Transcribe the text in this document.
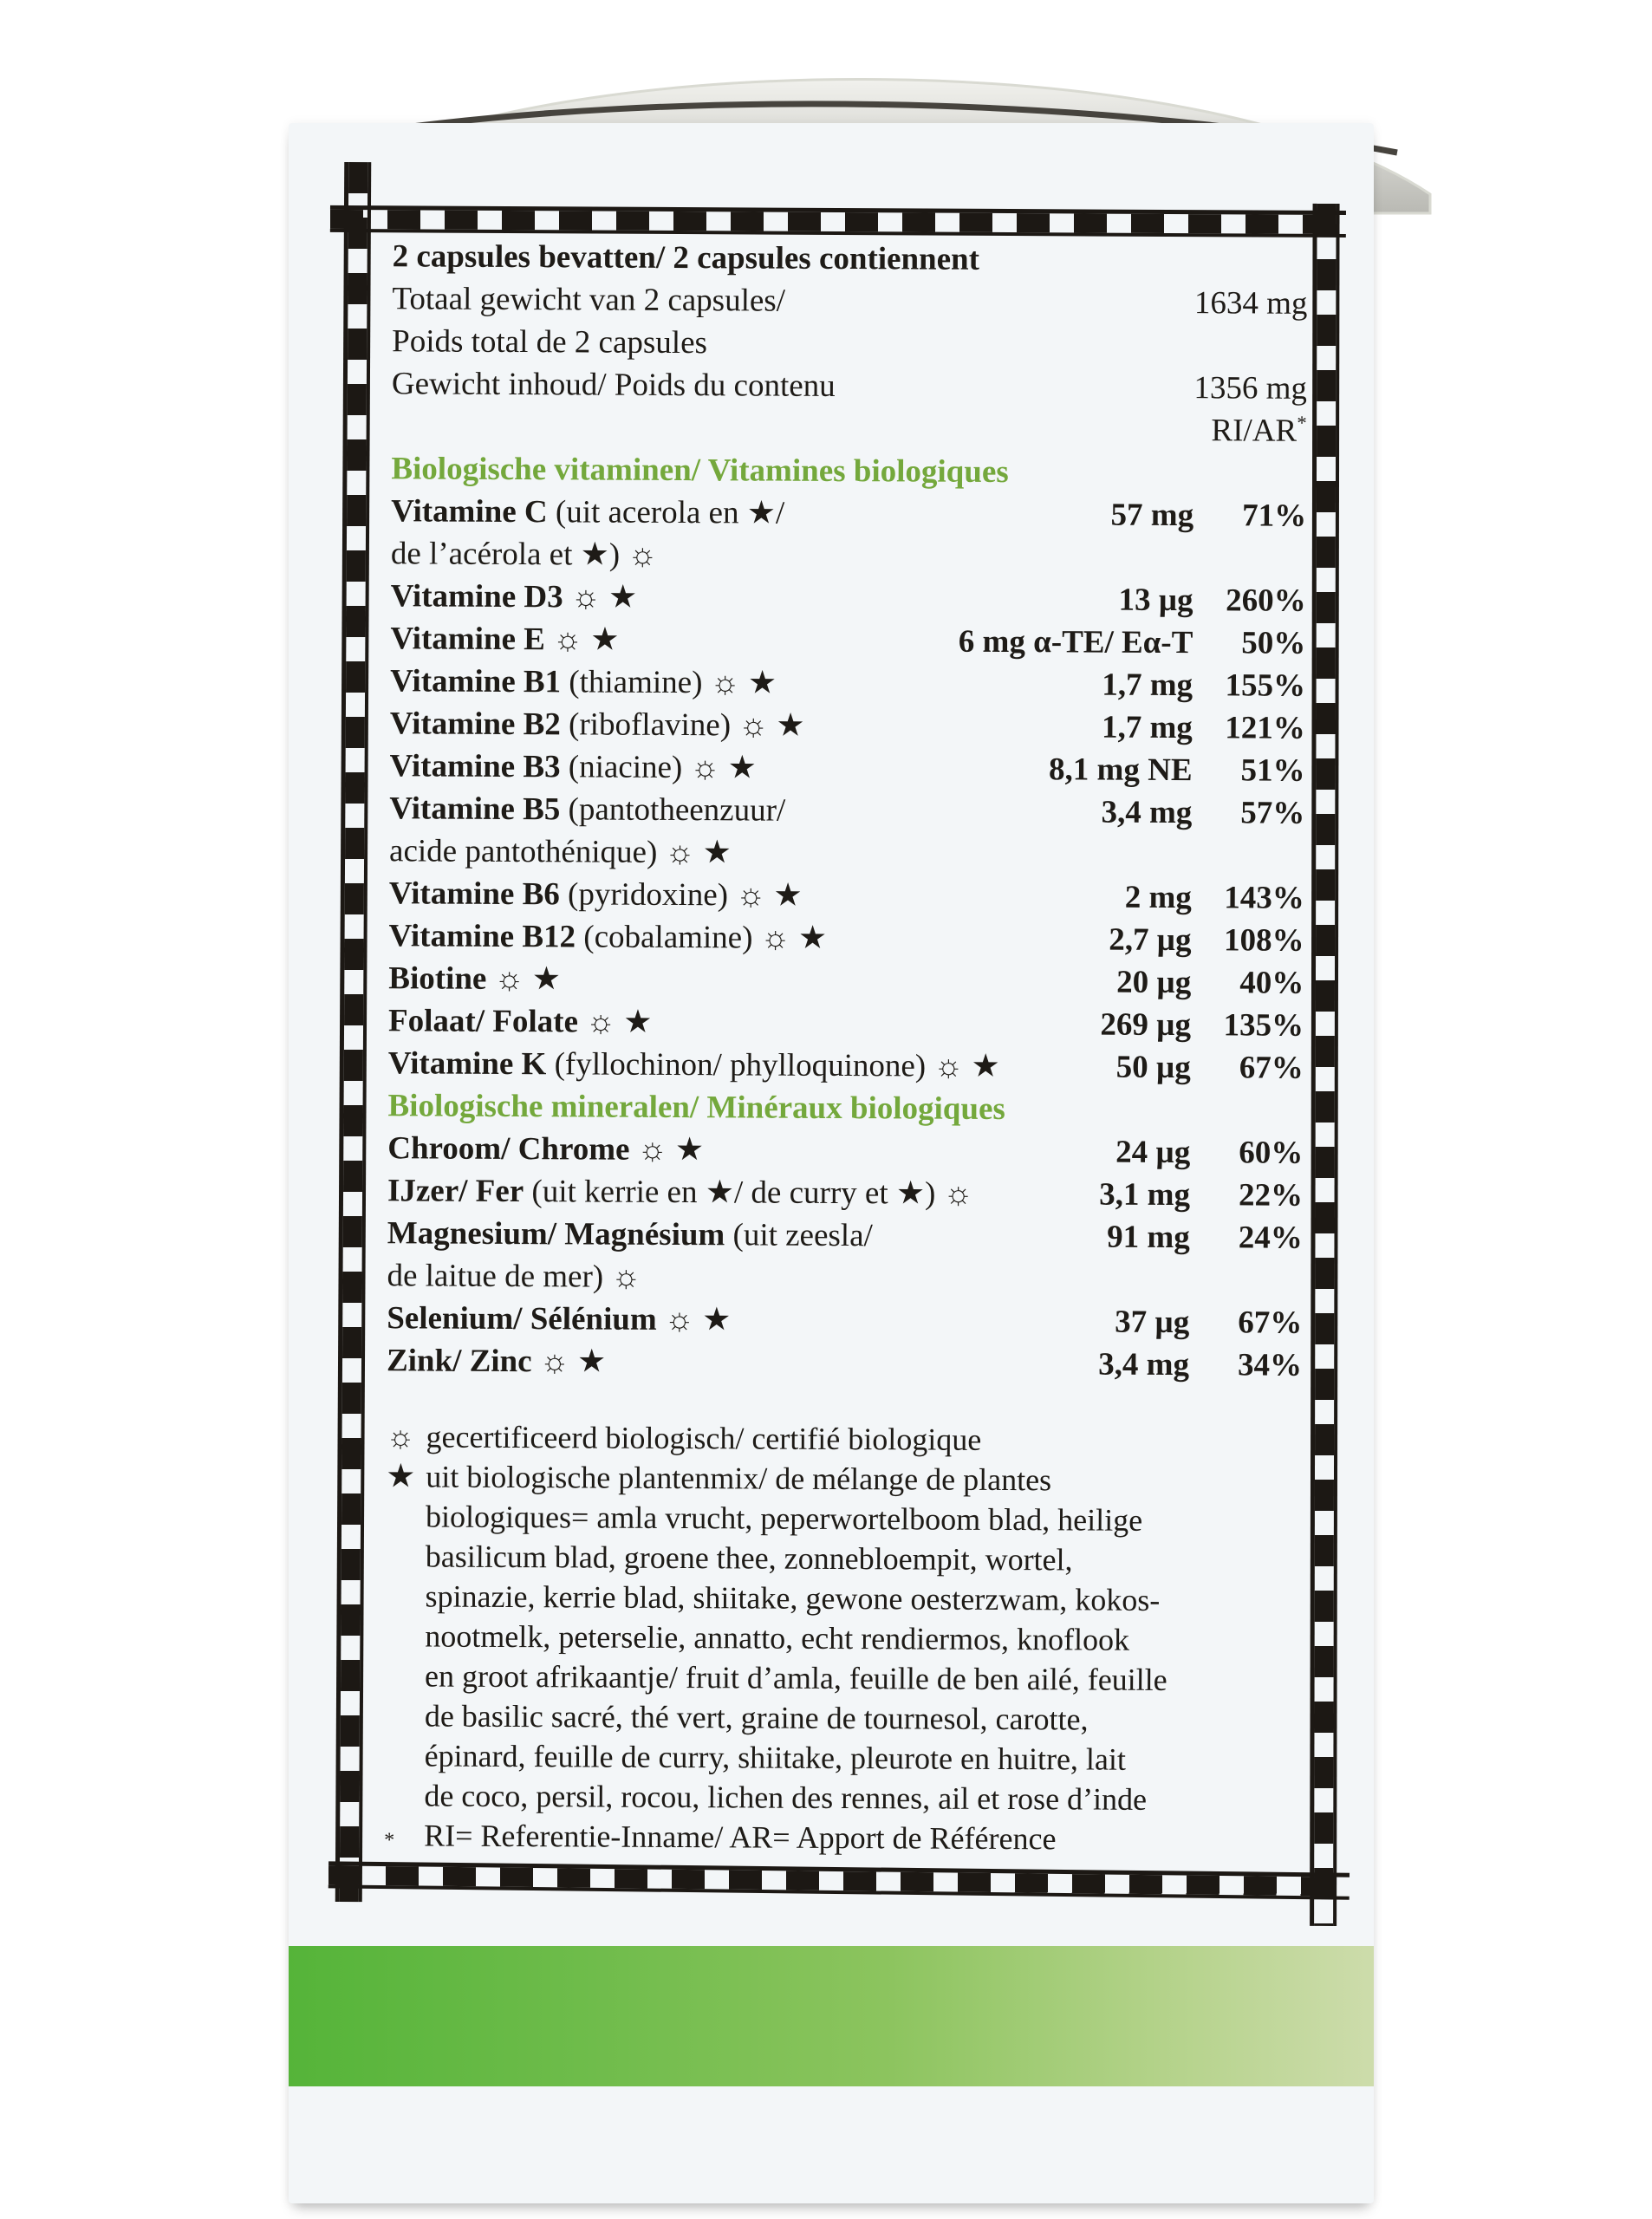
2 capsules bevatten/ 2 capsules contiennent
Totaal gewicht van 2 capsules/	1634 mg
Poids total de 2 capsules
Gewicht inhoud/ Poids du contenu	1356 mg
RI/AR*
Biologische vitaminen/ Vitamines biologiques
Vitamine C (uit acerola en ★/	57 mg	71%
de l’acérola et ★) ☼
Vitamine D3 ☼ ★	13 µg	260%
Vitamine E ☼ ★	6 mg α-TE/ Eα-T	50%
Vitamine B1 (thiamine) ☼ ★	1,7 mg	155%
Vitamine B2 (riboflavine) ☼ ★	1,7 mg	121%
Vitamine B3 (niacine) ☼ ★	8,1 mg NE	51%
Vitamine B5 (pantotheenzuur/	3,4 mg	57%
acide pantothénique) ☼ ★
Vitamine B6 (pyridoxine) ☼ ★	2 mg	143%
Vitamine B12 (cobalamine) ☼ ★	2,7 µg	108%
Biotine ☼ ★	20 µg	40%
Folaat/ Folate ☼ ★	269 µg	135%
Vitamine K (fyllochinon/ phylloquinone) ☼ ★	50 µg	67%
Biologische mineralen/ Minéraux biologiques
Chroom/ Chrome ☼ ★	24 µg	60%
IJzer/ Fer (uit kerrie en ★/ de curry et ★) ☼	3,1 mg	22%
Magnesium/ Magnésium (uit zeesla/	91 mg	24%
de laitue de mer) ☼
Selenium/ Sélénium ☼ ★	37 µg	67%
Zink/ Zinc ☼ ★	3,4 mg	34%
☼ gecertificeerd biologisch/ certifié biologique
★ uit biologische plantenmix/ de mélange de plantes
biologiques= amla vrucht, peperwortelboom blad, heilige
basilicum blad, groene thee, zonnebloempit, wortel,
spinazie, kerrie blad, shiitake, gewone oesterzwam, kokos-
nootmelk, peterselie, annatto, echt rendiermos, knoflook
en groot afrikaantje/ fruit d’amla, feuille de ben ailé, feuille
de basilic sacré, thé vert, graine de tournesol, carotte,
épinard, feuille de curry, shiitake, pleurote en huitre, lait
de coco, persil, rocou, lichen des rennes, ail et rose d’inde
* RI= Referentie-Inname/ AR= Apport de Référence
